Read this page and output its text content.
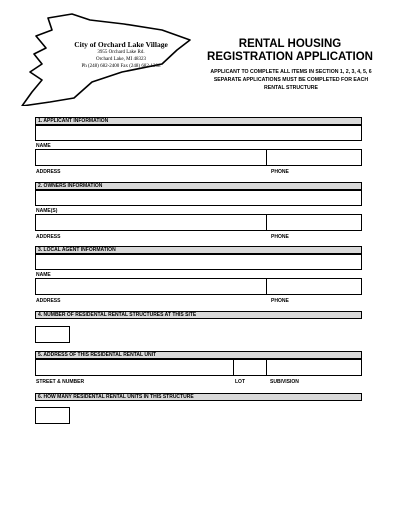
City of Orchard Lake Village
3955 Orchard Lake Rd.
Orchard Lake, MI 48323
Ph (248) 682-2400 Fax (248) 682-1308
RENTAL HOUSING
REGISTRATION APPLICATION
APPLICANT TO COMPLETE ALL ITEMS IN SECTION 1, 2, 3, 4, 5, 6
SEPARATE APPLICATIONS MUST BE COMPLETED FOR EACH
RENTAL STRUCTURE
1. APPLICANT INFORMATION
NAME
ADDRESS	PHONE
2. OWNERS INFORMATION
NAME(S)
ADDRESS	PHONE
3. LOCAL AGENT INFORMATION
NAME
ADDRESS	PHONE
4. NUMBER OF RESIDENTAL RENTAL STRUCTURES AT THIS SITE
5. ADDRESS OF THIS RESIDENTAL RENTAL UNIT
STREET & NUMBER	LOT	SUBIVISION
6. HOW MANY RESIDENTAL RENTAL UNITS IN THIS STRUCTURE
